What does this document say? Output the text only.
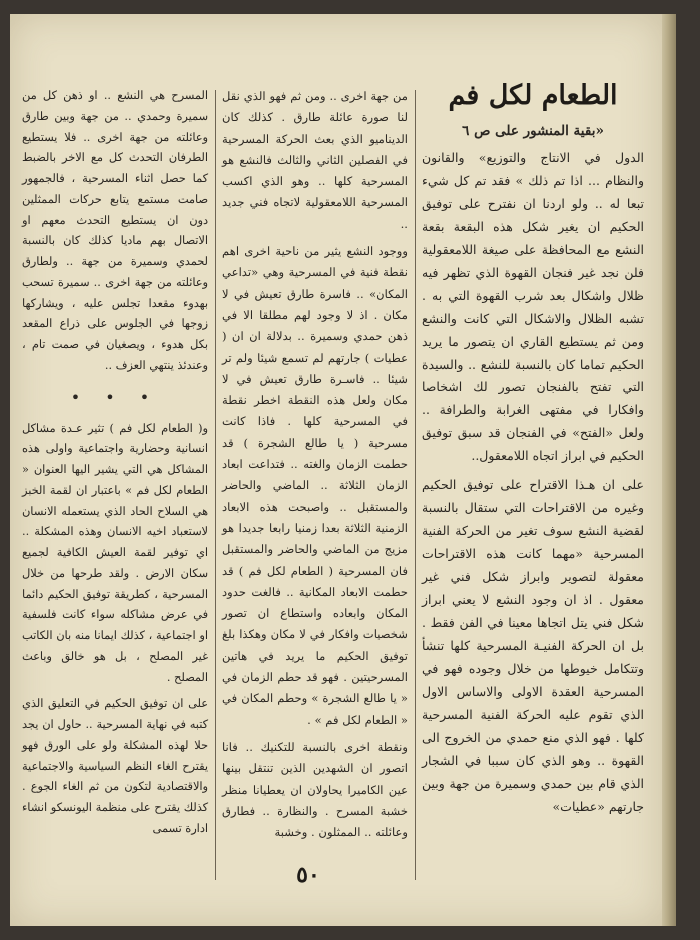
الطعام لكل فم
«بقية المنشور على ص ٦

الدول في الانتاج والتوزيع» والقانون والنظام ... اذا تم ذلك » فقد تم كل شيء تبعا له .. ولو اردنا ان نفترح على توفيق الحكيم ان يغير شكل هذه البقعة بقعة النشع مع المحافظة على صيغة اللامعقولية فلن نجد غير فنجان القهوة الذي تظهر فيه ظلال واشكال بعد شرب القهوة التي به . تشبه الظلال والاشكال التي كانت والنشع ومن ثم يستطيع القاري ان يتصور ما يريد الحكيم تماما كان بالنسبة للنشع .. والسيدة التي تفتح بالفنجان تصور لك اشخاصا وافكارا في مفتهى الغرابة والطرافة .. ولعل «الفتح» في الفنجان قد سبق توفيق الحكيم في ابراز اتجاه اللامعقول..

على ان هـذا الاقتراح على توفيق الحكيم وغيره من الاقتراحات التي ستقال بالنسبة لقضية النشع سوف تغير من الحركة الفنية المسرحية «مهما كانت هذه الاقتراحات معقولة لتصوير وابراز شكل فني غير معقول . اذ ان وجود النشع لا يعني ابراز شكل فني يتل اتجاها معينا في الفن فقط . بل ان الحركة الفنيـة المسرحية كلها تنشأ وتتكامل خيوطها من خلال وجوده فهو في المسرحية العقدة الاولى والاساس الاول الذي تقوم عليه الحركة الفنية المسرحية كلها . فهو الذي منع حمدي من الخروج الى القهوة .. وهو الذي كان سببا في الشجار الذي قام بين حمدي وسميرة من جهة وبين جارتهم «عطيات»

من جهة اخرى .. ومن ثم فهو الذي نقل لنا صورة عائلة طارق . كذلك كان الديناميو الذي بعث الحركة المسرحية في الفصلين الثاني والثالث فالنشع هو المسرحية كلها .. وهو الذي اكسب المسرحية اللامعقولية لاتجاه فني جديد ..

ووجود النشع يثير من ناحية اخرى اهم نقطة فنية في المسرحية وهي «تداعي المكان» .. فاسرة طارق تعيش في لا مكان . اذ لا وجود لهم مطلقا الا في ذهن حمدي وسميرة .. بدلالة ان ان ( عطيات ) جارتهم لم تسمع شيئا ولم تر شيئا .. فاسـرة طارق تعيش في لا مكان ولعل هذه النقطة اخطر نقطة في المسرحية كلها . فاذا كانت مسرحية ( يا طالع الشجرة ) قد حطمت الزمان والغته .. فتداعت ابعاد الزمان الثلاثة .. الماضي والحاضر والمستقبل .. واصبحت هذه الابعاد الزمنية الثلاثة بعدا زمنيا رابعا جديدا هو مزيج من الماضي والحاضر والمستقبل فان المسرحية ( الطعام لكل فم ) قد حطمت الابعاد المكانية .. فالغت حدود المكان وابعاده واستطاع ان تصور شخصيات وافكار في لا مكان وهكذا بلغ توفيق الحكيم ما يريد في هاتين المسرحيتين . فهو قد حطم الزمان في « يا طالع الشجرة » وحطم المكان في « الطعام لكل فم » .

ونقطة اخرى بالنسبة للتكنيك .. فانا اتصور ان الشهدين الذين تنتقل بينها عين الكاميرا يحاولان ان يعطيانا منظر خشبة المسرح . والنظارة .. فطارق وعائلته .. الممثلون . وخشبة

المسرح هي النشع .. او ذهن كل من سميرة وحمدي .. من جهة وبين طارق وعائلته من جهة اخرى .. فلا يستطيع الطرفان التحدث كل مع الاخر بالضبط كما حصل اثناء المسرحية ، فالجمهور صامت مستمع يتابع حركات الممثلين دون ان يستطيع التحدث معهم او الاتصال بهم ماديا كذلك كان بالنسبة لحمدي وسميرة من جهة .. ولطارق وعائلته من جهة اخرى .. سميرة تسحب بهدوء مقعدا تجلس عليه ، ويشاركها زوجها في الجلوس على ذراع المقعد بكل هدوء ، ويصغيان في صمت تام ، وعندئذ ينتهي العزف ..

• • •

و( الطعام لكل فم ) تثير عـدة مشاكل انسانية وحضارية واجتماعية واولى هذه المشاكل هي التي يشير اليها العنوان « الطعام لكل فم » باعتبار ان لقمة الخبز هي السلاح الحاد الذي يستعمله الانسان لاستعباد اخيه الانسان وهذه المشكلة .. اي توفير لقمة العيش الكافية لجميع سكان الارض . ولقد طرحها من خلال المسرحية ، كطريقة توفيق الحكيم دائما في عرض مشاكله سواء كانت فلسفية او اجتماعية ، كذلك ايمانا منه بان الكاتب غير المصلح ، بل هو خالق وباعث المصلح .

على ان توفيق الحكيم في التعليق الذي كتبه في نهاية المسرحية .. حاول ان يجد حلا لهذه المشكلة ولو على الورق فهو يقترح الغاء النظم السياسية والاجتماعية والاقتصادية لتكون من ثم الغاء الجوع . كذلك يقترح على منظمة اليونسكو انشاء ادارة تسمى

٥٠
